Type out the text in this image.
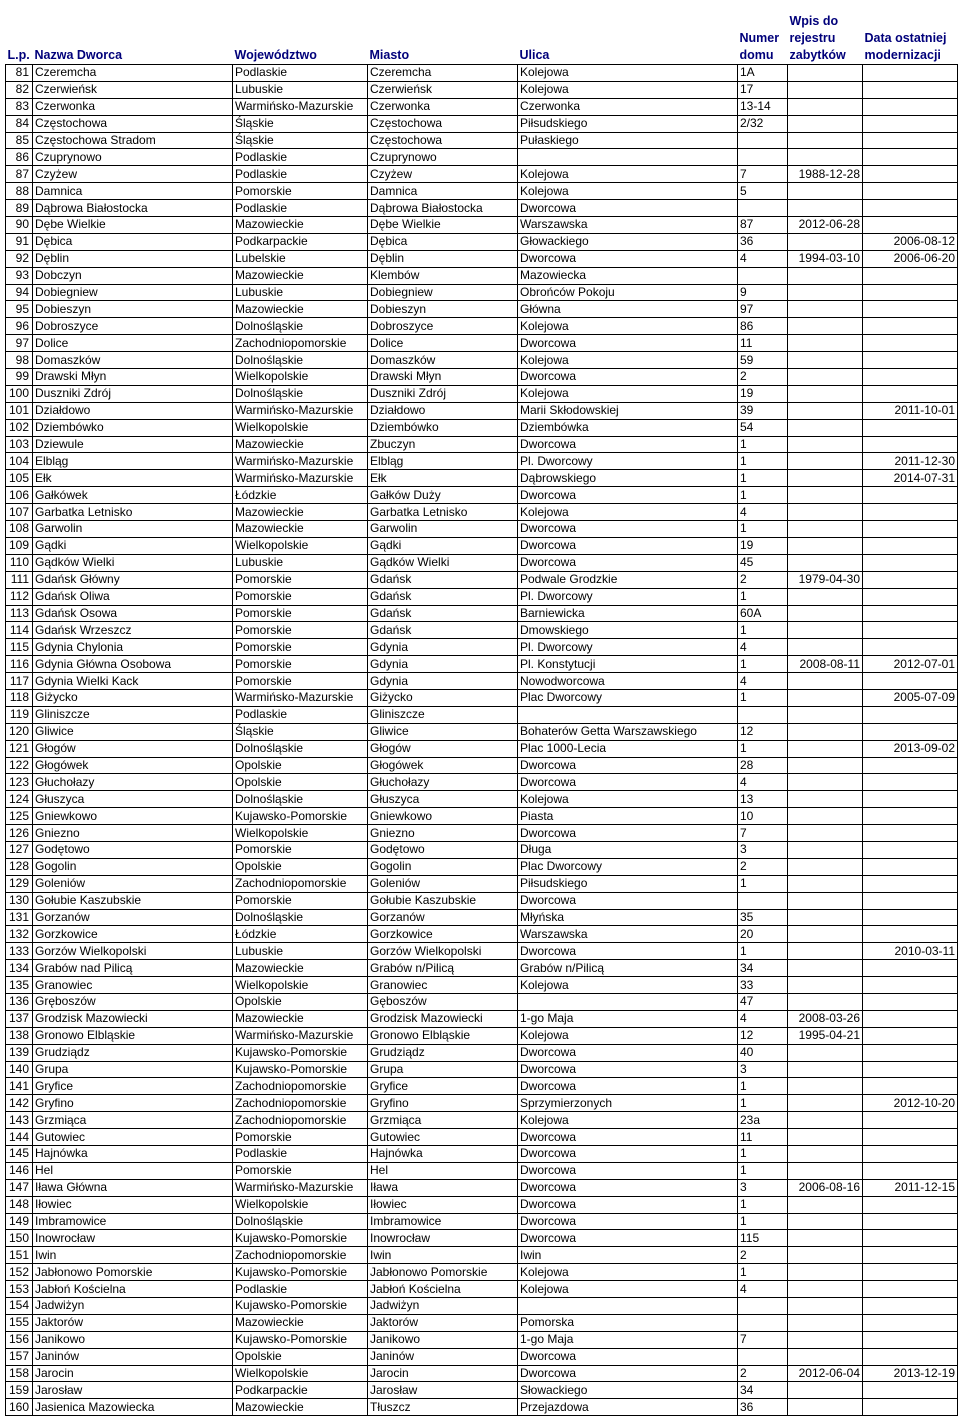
L.p.	Nazwa Dworca	Województwo	Miasto	Ulica	Numer domu	Wpis do rejestru zabytków	Data ostatniej modernizacji
81	Czeremcha	Podlaskie	Czeremcha	Kolejowa	1A		
82	Czerwieńsk	Lubuskie	Czerwieńsk	Kolejowa	17		
83	Czerwonka	Warmińsko-Mazurskie	Czerwonka	Czerwonka	13-14		
84	Częstochowa	Śląskie	Częstochowa	Piłsudskiego	2/32		
85	Częstochowa Stradom	Śląskie	Częstochowa	Pułaskiego			
86	Czuprynowo	Podlaskie	Czuprynowo				
87	Czyżew	Podlaskie	Czyżew	Kolejowa	7	1988-12-28	
88	Damnica	Pomorskie	Damnica	Kolejowa	5		
89	Dąbrowa Białostocka	Podlaskie	Dąbrowa Białostocka	Dworcowa			
90	Dębe Wielkie	Mazowieckie	Dębe Wielkie	Warszawska	87	2012-06-28	
91	Dębica	Podkarpackie	Dębica	Głowackiego	36		2006-08-12
92	Dęblin	Lubelskie	Dęblin	Dworcowa	4	1994-03-10	2006-06-20
93	Dobczyn	Mazowieckie	Klembów	Mazowiecka			
94	Dobiegniew	Lubuskie	Dobiegniew	Obrońców Pokoju	9		
95	Dobieszyn	Mazowieckie	Dobieszyn	Główna	97		
96	Dobroszyce	Dolnośląskie	Dobroszyce	Kolejowa	86		
97	Dolice	Zachodniopomorskie	Dolice	Dworcowa	11		
98	Domaszków	Dolnośląskie	Domaszków	Kolejowa	59		
99	Drawski Młyn	Wielkopolskie	Drawski Młyn	Dworcowa	2		
100	Duszniki Zdrój	Dolnośląskie	Duszniki Zdrój	Kolejowa	19		
101	Działdowo	Warmińsko-Mazurskie	Działdowo	Marii Skłodowskiej	39		2011-10-01
102	Dziembówko	Wielkopolskie	Dziembówko	Dziembówka	54		
103	Dziewule	Mazowieckie	Zbuczyn	Dworcowa	1		
104	Elbląg	Warmińsko-Mazurskie	Elbląg	Pl. Dworcowy	1		2011-12-30
105	Ełk	Warmińsko-Mazurskie	Ełk	Dąbrowskiego	1		2014-07-31
106	Gałkówek	Łódzkie	Gałków Duży	Dworcowa	1		
107	Garbatka Letnisko	Mazowieckie	Garbatka Letnisko	Kolejowa	4		
108	Garwolin	Mazowieckie	Garwolin	Dworcowa	1		
109	Gądki	Wielkopolskie	Gądki	Dworcowa	19		
110	Gądków Wielki	Lubuskie	Gądków Wielki	Dworcowa	45		
111	Gdańsk Główny	Pomorskie	Gdańsk	Podwale Grodzkie	2	1979-04-30	
112	Gdańsk Oliwa	Pomorskie	Gdańsk	Pl. Dworcowy	1		
113	Gdańsk Osowa	Pomorskie	Gdańsk	Barniewicka	60A		
114	Gdańsk Wrzeszcz	Pomorskie	Gdańsk	Dmowskiego	1		
115	Gdynia Chylonia	Pomorskie	Gdynia	Pl. Dworcowy	4		
116	Gdynia Główna Osobowa	Pomorskie	Gdynia	Pl. Konstytucji	1	2008-08-11	2012-07-01
117	Gdynia Wielki Kack	Pomorskie	Gdynia	Nowodworcowa	4		
118	Giżycko	Warmińsko-Mazurskie	Giżycko	Plac Dworcowy	1		2005-07-09
119	Gliniszcze	Podlaskie	Gliniszcze				
120	Gliwice	Śląskie	Gliwice	Bohaterów Getta Warszawskiego	12		
121	Głogów	Dolnośląskie	Głogów	Plac 1000-Lecia	1		2013-09-02
122	Głogówek	Opolskie	Głogówek	Dworcowa	28		
123	Głuchołazy	Opolskie	Głuchołazy	Dworcowa	4		
124	Głuszyca	Dolnośląskie	Głuszyca	Kolejowa	13		
125	Gniewkowo	Kujawsko-Pomorskie	Gniewkowo	Piasta	10		
126	Gniezno	Wielkopolskie	Gniezno	Dworcowa	7		
127	Godętowo	Pomorskie	Godętowo	Długa	3		
128	Gogolin	Opolskie	Gogolin	Plac Dworcowy	2		
129	Goleniów	Zachodniopomorskie	Goleniów	Piłsudskiego	1		
130	Gołubie Kaszubskie	Pomorskie	Gołubie Kaszubskie	Dworcowa			
131	Gorzanów	Dolnośląskie	Gorzanów	Młyńska	35		
132	Gorzkowice	Łódzkie	Gorzkowice	Warszawska	20		
133	Gorzów Wielkopolski	Lubuskie	Gorzów Wielkopolski	Dworcowa	1		2010-03-11
134	Grabów nad Pilicą	Mazowieckie	Grabów n/Pilicą	Grabów n/Pilicą	34		
135	Granowiec	Wielkopolskie	Granowiec	Kolejowa	33		
136	Gręboszów	Opolskie	Gęboszów		47		
137	Grodzisk Mazowiecki	Mazowieckie	Grodzisk Mazowiecki	1-go Maja	4	2008-03-26	
138	Gronowo Elbląskie	Warmińsko-Mazurskie	Gronowo Elbląskie	Kolejowa	12	1995-04-21	
139	Grudziądz	Kujawsko-Pomorskie	Grudziądz	Dworcowa	40		
140	Grupa	Kujawsko-Pomorskie	Grupa	Dworcowa	3		
141	Gryfice	Zachodniopomorskie	Gryfice	Dworcowa	1		
142	Gryfino	Zachodniopomorskie	Gryfino	Sprzymierzonych	1		2012-10-20
143	Grzmiąca	Zachodniopomorskie	Grzmiąca	Kolejowa	23a		
144	Gutowiec	Pomorskie	Gutowiec	Dworcowa	11		
145	Hajnówka	Podlaskie	Hajnówka	Dworcowa	1		
146	Hel	Pomorskie	Hel	Dworcowa	1		
147	Iława Główna	Warmińsko-Mazurskie	Iława	Dworcowa	3	2006-08-16	2011-12-15
148	Iłowiec	Wielkopolskie	Iłowiec	Dworcowa	1		
149	Imbramowice	Dolnośląskie	Imbramowice	Dworcowa	1		
150	Inowrocław	Kujawsko-Pomorskie	Inowrocław	Dworcowa	115		
151	Iwin	Zachodniopomorskie	Iwin	Iwin	2		
152	Jabłonowo Pomorskie	Kujawsko-Pomorskie	Jabłonowo Pomorskie	Kolejowa	1		
153	Jabłoń Kościelna	Podlaskie	Jabłoń Kościelna	Kolejowa	4		
154	Jadwiżyn	Kujawsko-Pomorskie	Jadwiżyn				
155	Jaktorów	Mazowieckie	Jaktorów	Pomorska			
156	Janikowo	Kujawsko-Pomorskie	Janikowo	1-go Maja	7		
157	Janinów	Opolskie	Janinów	Dworcowa			
158	Jarocin	Wielkopolskie	Jarocin	Dworcowa	2	2012-06-04	2013-12-19
159	Jarosław	Podkarpackie	Jarosław	Słowackiego	34		
160	Jasienica Mazowiecka	Mazowieckie	Tłuszcz	Przejazdowa	36		
